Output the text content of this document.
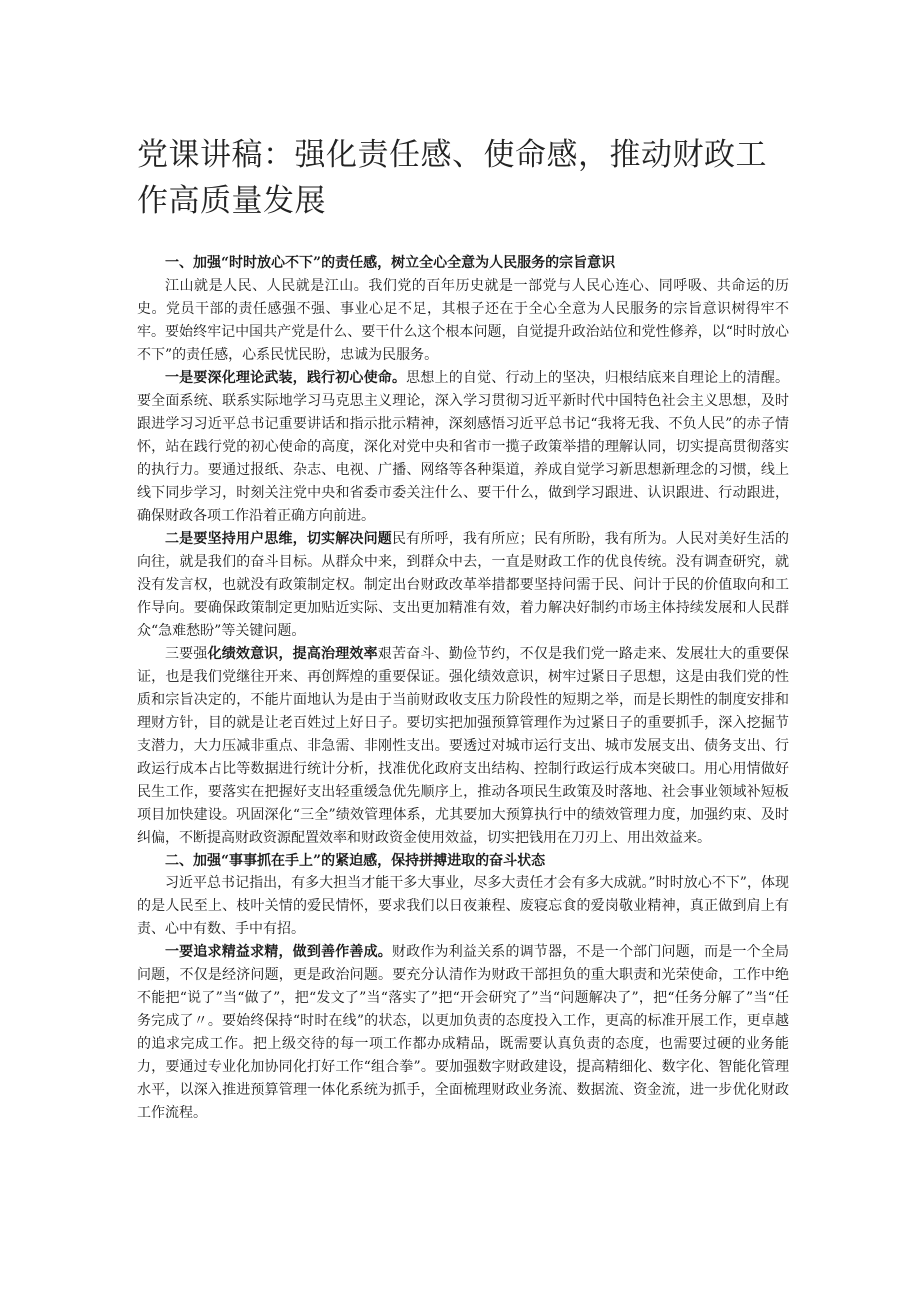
党课讲稿：强化责任感、使命感，推动财政工作高质量发展

一、加强“时时放心不下”的责任感，树立全心全意为人民服务的宗旨意识

江山就是人民、人民就是江山。我们党的百年历史就是一部党与人民心连心、同呼吸、共命运的历史。党员干部的责任感强不强、事业心足不足，其根子还在于全心全意为人民服务的宗旨意识树得牢不牢。要始终牢记中国共产党是什么、要干什么这个根本问题，自觉提升政治站位和党性修养，以“时时放心不下”的责任感，心系民忧民盼，忠诚为民服务。

一是要深化理论武装，践行初心使命。思想上的自觉、行动上的坚决，归根结底来自理论上的清醒。要全面系统、联系实际地学习马克思主义理论，深入学习贯彻习近平新时代中国特色社会主义思想，及时跟进学习习近平总书记重要讲话和指示批示精神，深刻感悟习近平总书记“我将无我、不负人民”的赤子情怀，站在践行党的初心使命的高度，深化对党中央和省市一揽子政策举措的理解认同，切实提高贯彻落实的执行力。要通过报纸、杂志、电视、广播、网络等各种渠道，养成自觉学习新思想新理念的习惯，线上线下同步学习，时刻关注党中央和省委市委关注什么、要干什么，做到学习跟进、认识跟进、行动跟进，确保财政各项工作沿着正确方向前进。

二是要坚持用户思维，切实解决问题民有所呼，我有所应；民有所盼，我有所为。人民对美好生活的向往，就是我们的奋斗目标。从群众中来，到群众中去，一直是财政工作的优良传统。没有调查研究，就没有发言权，也就没有政策制定权。制定出台财政改革举措都要坚持问需于民、问计于民的价值取向和工作导向。要确保政策制定更加贴近实际、支出更加精准有效，着力解决好制约市场主体持续发展和人民群众“急难愁盼”等关键问题。

三要强化绩效意识，提高治理效率艰苦奋斗、勤俭节约，不仅是我们党一路走来、发展壮大的重要保证，也是我们党继往开来、再创辉煌的重要保证。强化绩效意识，树牢过紧日子思想，这是由我们党的性质和宗旨决定的，不能片面地认为是由于当前财政收支压力阶段性的短期之举，而是长期性的制度安排和理财方针，目的就是让老百姓过上好日子。要切实把加强预算管理作为过紧日子的重要抓手，深入挖掘节支潜力，大力压减非重点、非急需、非刚性支出。要透过对城市运行支出、城市发展支出、债务支出、行政运行成本占比等数据进行统计分析，找准优化政府支出结构、控制行政运行成本突破口。用心用情做好民生工作，要落实在把握好支出轻重缓急优先顺序上，推动各项民生政策及时落地、社会事业领域补短板项目加快建设。巩固深化“三全”绩效管理体系，尤其要加大预算执行中的绩效管理力度，加强约束、及时纠偏，不断提高财政资源配置效率和财政资金使用效益，切实把钱用在刀刃上、用出效益来。

二、加强“事事抓在手上”的紧迫感，保持拼搏进取的奋斗状态

习近平总书记指出，有多大担当才能干多大事业，尽多大责任才会有多大成就。”时时放心不下”，体现的是人民至上、枝叶关情的爱民情怀，要求我们以日夜兼程、废寝忘食的爱岗敬业精神，真正做到肩上有责、心中有数、手中有招。

一要追求精益求精，做到善作善成。财政作为利益关系的调节器，不是一个部门问题，而是一个全局问题，不仅是经济问题，更是政治问题。要充分认清作为财政干部担负的重大职责和光荣使命，工作中绝不能把“说了”当“做了”，把“发文了”当“落实了”把“开会研究了”当“问题解决了”，把“任务分解了”当“任务完成了〃。要始终保持“时时在线”的状态，以更加负责的态度投入工作，更高的标准开展工作，更卓越的追求完成工作。把上级交待的每一项工作都办成精品，既需要认真负责的态度，也需要过硬的业务能力，要通过专业化加协同化打好工作“组合拳”。要加强数字财政建设，提高精细化、数字化、智能化管理水平，以深入推进预算管理一体化系统为抓手，全面梳理财政业务流、数据流、资金流，进一步优化财政工作流程。
